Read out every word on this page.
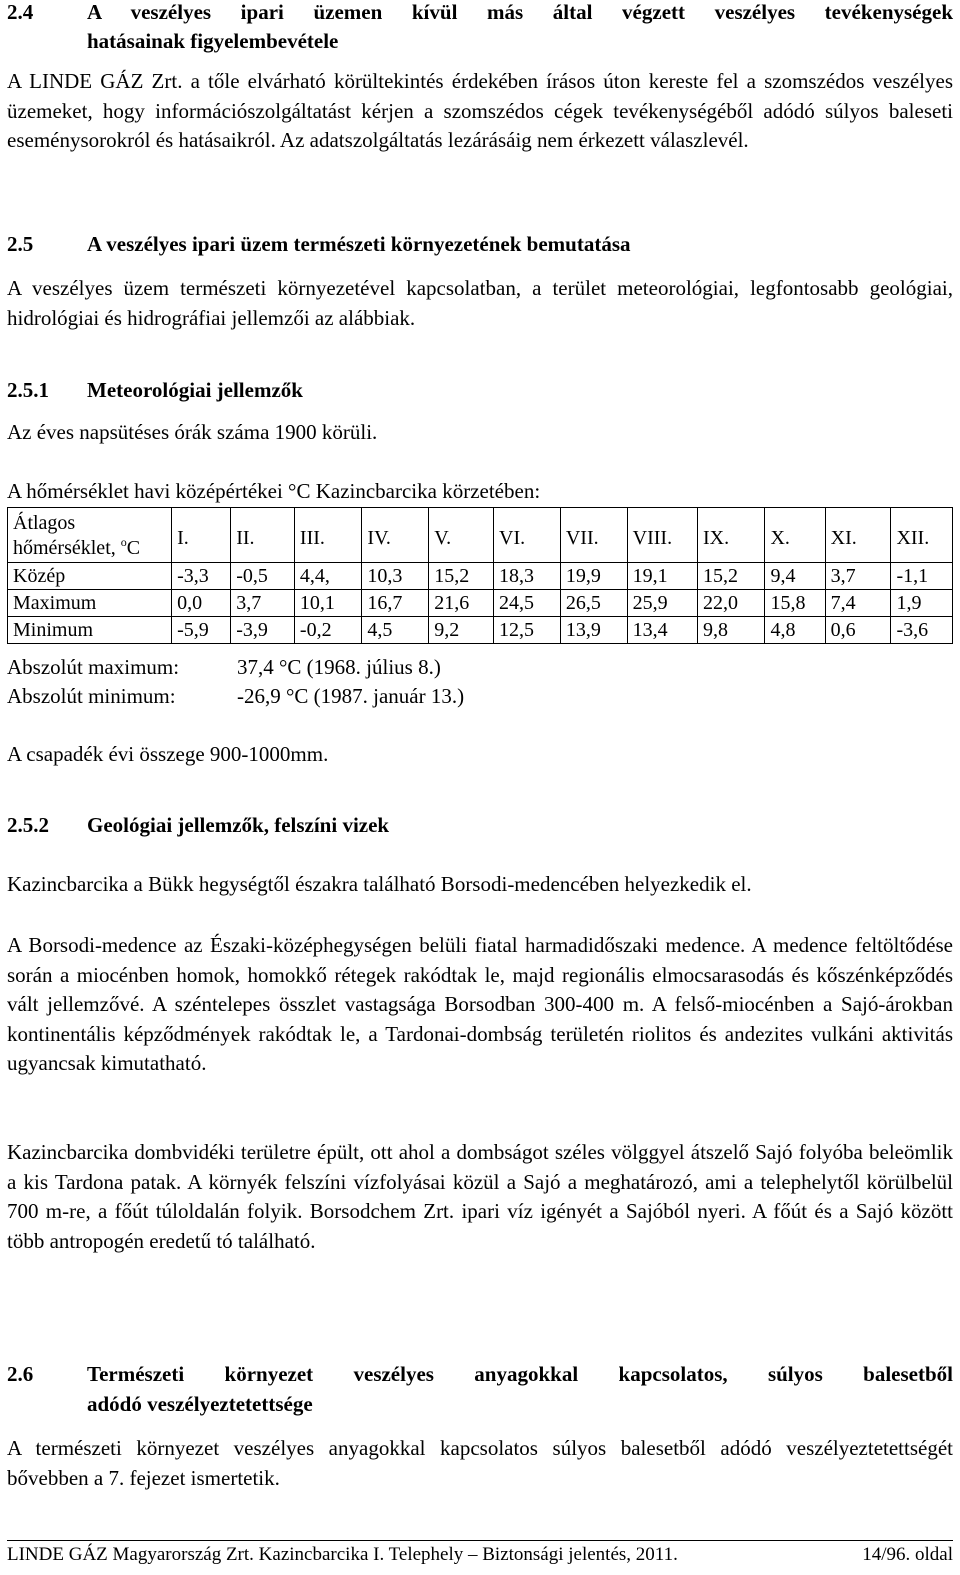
2.4	A veszélyes ipari üzemen kívül más által végzett veszélyes tevékenységek
hatásainak figyelembevétele
A LINDE GÁZ Zrt. a tőle elvárható körültekintés érdekében írásos úton kereste fel a szomszédos veszélyes üzemeket, hogy információszolgáltatást kérjen a szomszédos cégek tevékenységéből adódó súlyos baleseti eseménysorokról és hatásaikról. Az adatszolgáltatás lezárásáig nem érkezett válaszlevél.
2.5	A veszélyes ipari üzem természeti környezetének bemutatása
A veszélyes üzem természeti környezetével kapcsolatban, a terület meteorológiai, legfontosabb geológiai, hidrológiai és hidrográfiai jellemzői az alábbiak.
2.5.1 Meteorológiai jellemzők
Az éves napsütéses órák száma 1900 körüli.
A hőmérséklet havi középértékei °C Kazincbarcika körzetében:
Átlagos
hőmérséklet, $^o$C	I.	II.	III.	IV.	V.	VI.	VII.	VIII.	IX.	X.	XI.	XII.
Közép	-3,3	-0,5	4,4,	10,3	15,2	18,3	19,9	19,1	15,2	9,4	3,7	-1,1
Maximum	0,0	3,7	10,1	16,7	21,6	24,5	26,5	25,9	22,0	15,8	7,4	1,9
Minimum	-5,9	-3,9	-0,2	4,5	9,2	12,5	13,9	13,4	9,8	4,8	0,6	-3,6
Abszolút maximum:	37,4 °C (1968. július 8.)
Abszolút minimum:	-26,9 °C (1987. január 13.)
A csapadék évi összege 900-1000mm.
2.5.2 Geológiai jellemzők, felszíni vizek
Kazincbarcika a Bükk hegységtől északra található Borsodi-medencében helyezkedik el.
A Borsodi-medence az Északi-középhegységen belüli fiatal harmadidőszaki medence. A medence feltöltődése során a miocénben homok, homokkő rétegek rakódtak le, majd regionális elmocsarasodás és kőszénképződés vált jellemzővé. A széntelepes összlet vastagsága Borsodban 300-400 m. A felső-miocénben a Sajó-árokban kontinentális képződmények rakódtak le, a Tardonai-dombság területén riolitos és andezites vulkáni aktivitás ugyancsak kimutatható.
Kazincbarcika dombvidéki területre épült, ott ahol a dombságot széles völggyel átszelő Sajó folyóba beleömlik a kis Tardona patak. A környék felszíni vízfolyásai közül a Sajó a meghatározó, ami a telephelytől körülbelül 700 m-re, a főút túloldalán folyik. Borsodchem Zrt. ipari víz igényét a Sajóból nyeri. A főút és a Sajó között több antropogén eredetű tó található.
2.6	Természeti környezet veszélyes anyagokkal kapcsolatos, súlyos balesetből
adódó veszélyeztetettsége
A természeti környezet veszélyes anyagokkal kapcsolatos súlyos balesetből adódó veszélyeztetettségét bővebben a 7. fejezet ismertetik.
LINDE GÁZ Magyarország Zrt. Kazincbarcika I. Telephely – Biztonsági jelentés, 2011.	14/96. oldal
